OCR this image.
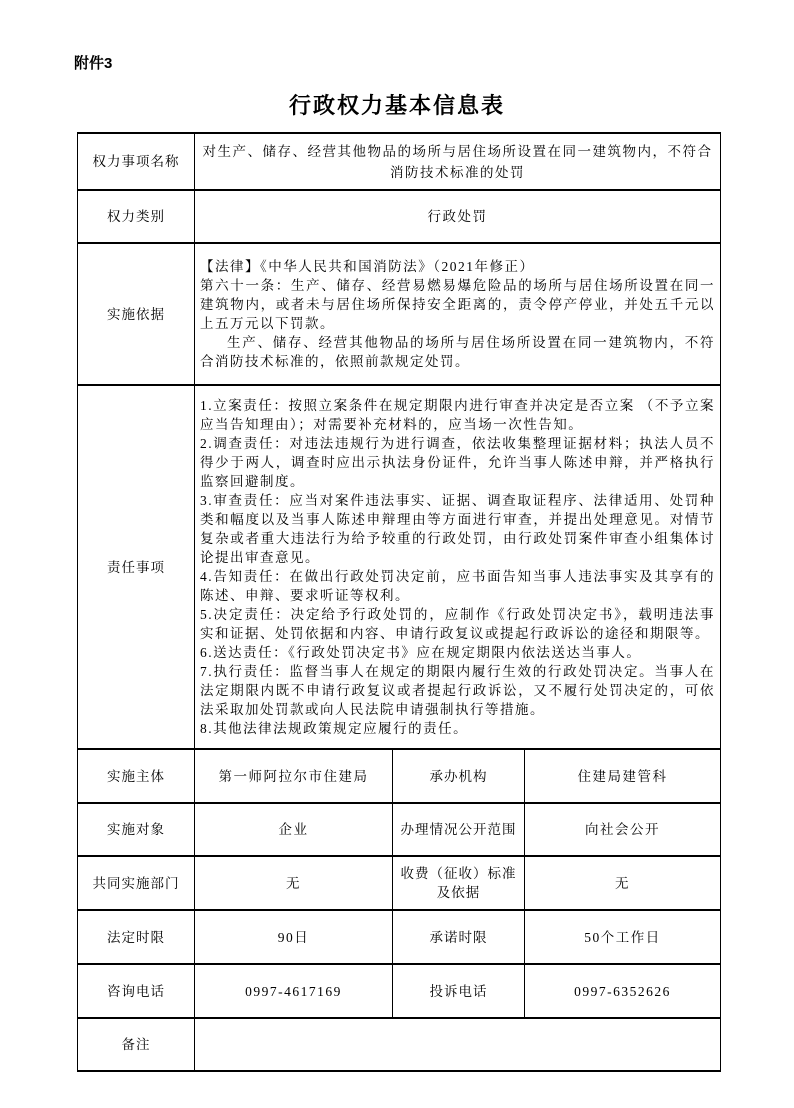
附件3
行政权力基本信息表
权力事项名称	对生产、储存、经营其他物品的场所与居住场所设置在同一建筑物内，不符合消防技术标准的处罚		
权力类别	行政处罚		
实施依据	【法律】《中华人民共和国消防法》（2021年修正）
第六十一条：生产、储存、经营易燃易爆危险品的场所与居住场所设置在同一建筑物内，或者未与居住场所保持安全距离的，责令停产停业，并处五千元以上五万元以下罚款。
生产、储存、经营其他物品的场所与居住场所设置在同一建筑物内，不符合消防技术标准的，依照前款规定处罚。		

责任事项	
1.立案责任：按照立案条件在规定期限内进行审查并决定是否立案 （不予立案应当告知理由）；对需要补充材料的，应当场一次性告知。
2.调查责任：对违法违规行为进行调查，依法收集整理证据材料；执法人员不得少于两人，调查时应出示执法身份证件，允许当事人陈述申辩，并严格执行监察回避制度。
3.审查责任：应当对案件违法事实、证据、调查取证程序、法律适用、处罚种类和幅度以及当事人陈述申辩理由等方面进行审查，并提出处理意见。对情节复杂或者重大违法行为给予较重的行政处罚，由行政处罚案件审查小组集体讨论提出审查意见。
4.告知责任：在做出行政处罚决定前，应书面告知当事人违法事实及其享有的陈述、申辩、要求听证等权利。
5.决定责任：决定给予行政处罚的，应制作《行政处罚决定书》，载明违法事实和证据、处罚依据和内容、申请行政复议或提起行政诉讼的途径和期限等。
6.送达责任：《行政处罚决定书》应在规定期限内依法送达当事人。
7.执行责任：监督当事人在规定的期限内履行生效的行政处罚决定。当事人在法定期限内既不申请行政复议或者提起行政诉讼，又不履行处罚决定的，可依法采取加处罚款或向人民法院申请强制执行等措施。
8.其他法律法规政策规定应履行的责任。

实施主体	第一师阿拉尔市住建局	承办机构	住建局建管科
实施对象	企业	办理情况公开范围	向社会公开
共同实施部门	无	收费（征收）标准及依据	无
法定时限	90日	承诺时限	50个工作日
咨询电话	0997-4617169	投诉电话	0997-6352626
备注			
